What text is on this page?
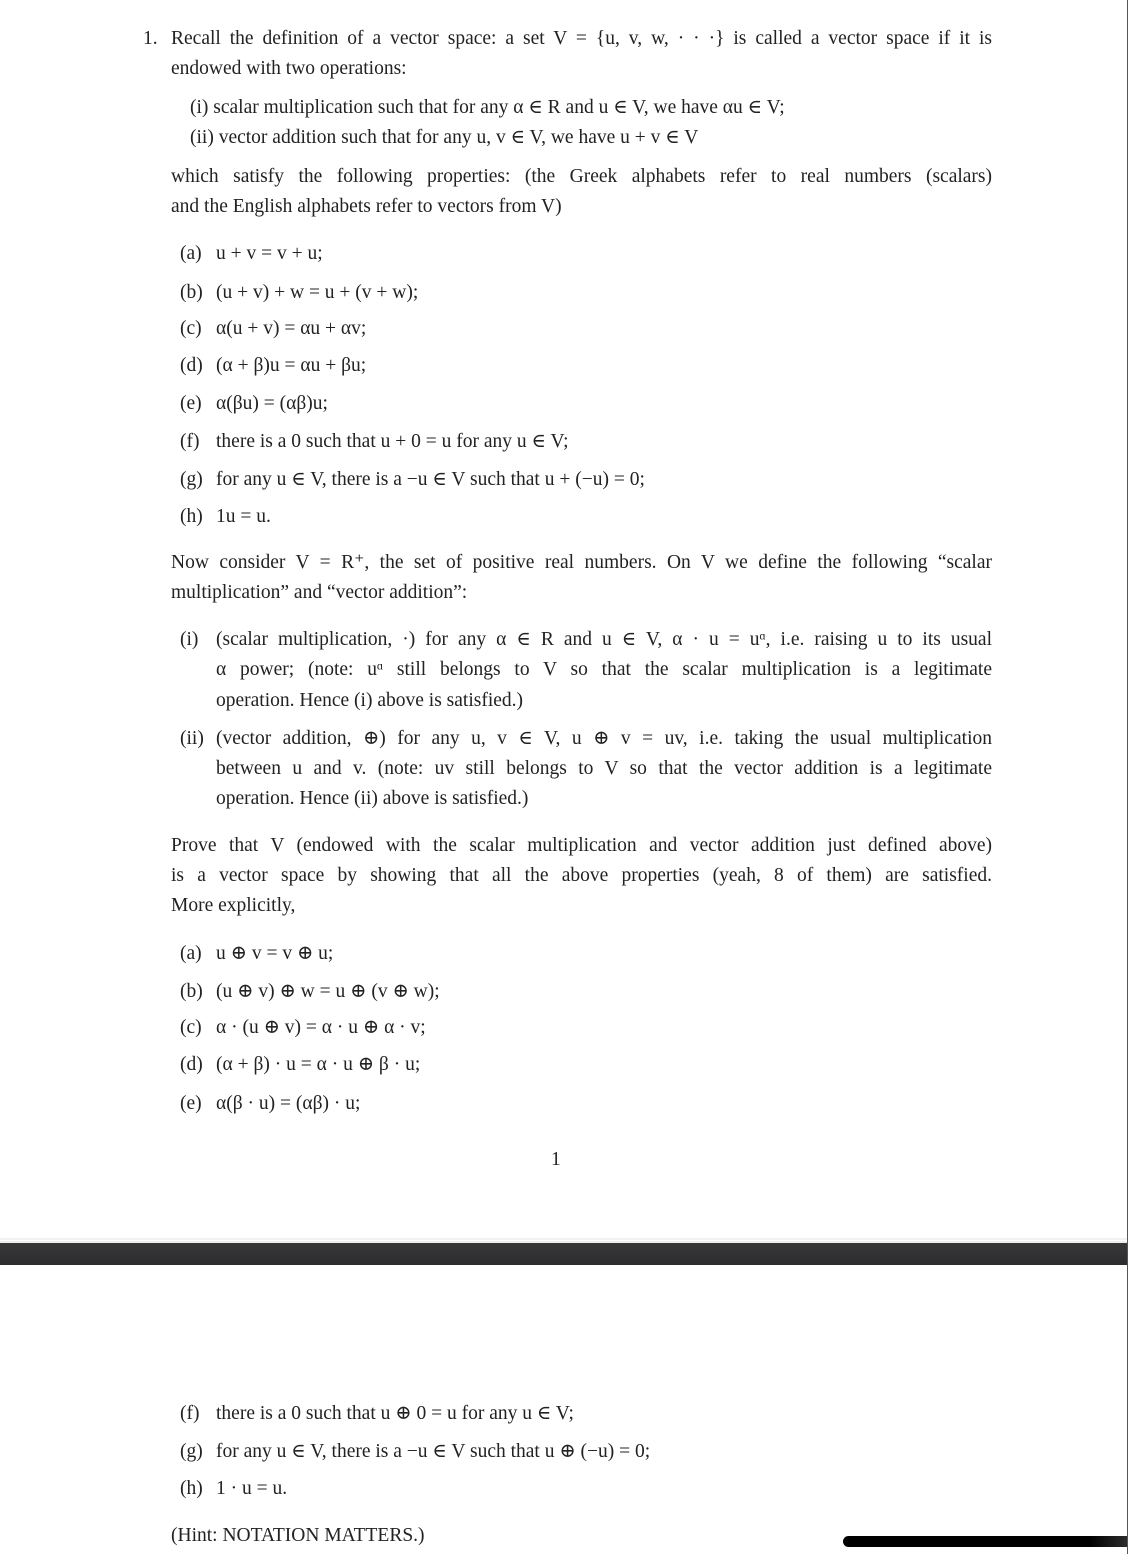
1. Recall the definition of a vector space: a set V = {u, v, w, · · ·} is called a vector space if it is
endowed with two operations:
(i) scalar multiplication such that for any α ∈ R and u ∈ V, we have αu ∈ V;
(ii) vector addition such that for any u, v ∈ V, we have u + v ∈ V
which satisfy the following properties: (the Greek alphabets refer to real numbers (scalars)
and the English alphabets refer to vectors from V)
(a) u + v = v + u;
(b) (u + v) + w = u + (v + w);
(c) α(u + v) = αu + αv;
(d) (α + β)u = αu + βu;
(e) α(βu) = (αβ)u;
(f) there is a 0 such that u + 0 = u for any u ∈ V;
(g) for any u ∈ V, there is a −u ∈ V such that u + (−u) = 0;
(h) 1u = u.
Now consider V = R⁺, the set of positive real numbers. On V we define the following “scalar
multiplication” and “vector addition”:
(i) (scalar multiplication, ·) for any α ∈ R and u ∈ V, α · u = uᵅ, i.e. raising u to its usual
α power; (note: uᵅ still belongs to V so that the scalar multiplication is a legitimate
operation. Hence (i) above is satisfied.)
(ii) (vector addition, ⊕) for any u, v ∈ V, u ⊕ v = uv, i.e. taking the usual multiplication
between u and v. (note: uv still belongs to V so that the vector addition is a legitimate
operation. Hence (ii) above is satisfied.)
Prove that V (endowed with the scalar multiplication and vector addition just defined above)
is a vector space by showing that all the above properties (yeah, 8 of them) are satisfied.
More explicitly,
(a) u ⊕ v = v ⊕ u;
(b) (u ⊕ v) ⊕ w = u ⊕ (v ⊕ w);
(c) α · (u ⊕ v) = α · u ⊕ α · v;
(d) (α + β) · u = α · u ⊕ β · u;
(e) α(β · u) = (αβ) · u;
1
(f) there is a 0 such that u ⊕ 0 = u for any u ∈ V;
(g) for any u ∈ V, there is a −u ∈ V such that u ⊕ (−u) = 0;
(h) 1 · u = u.
(Hint: NOTATION MATTERS.)
